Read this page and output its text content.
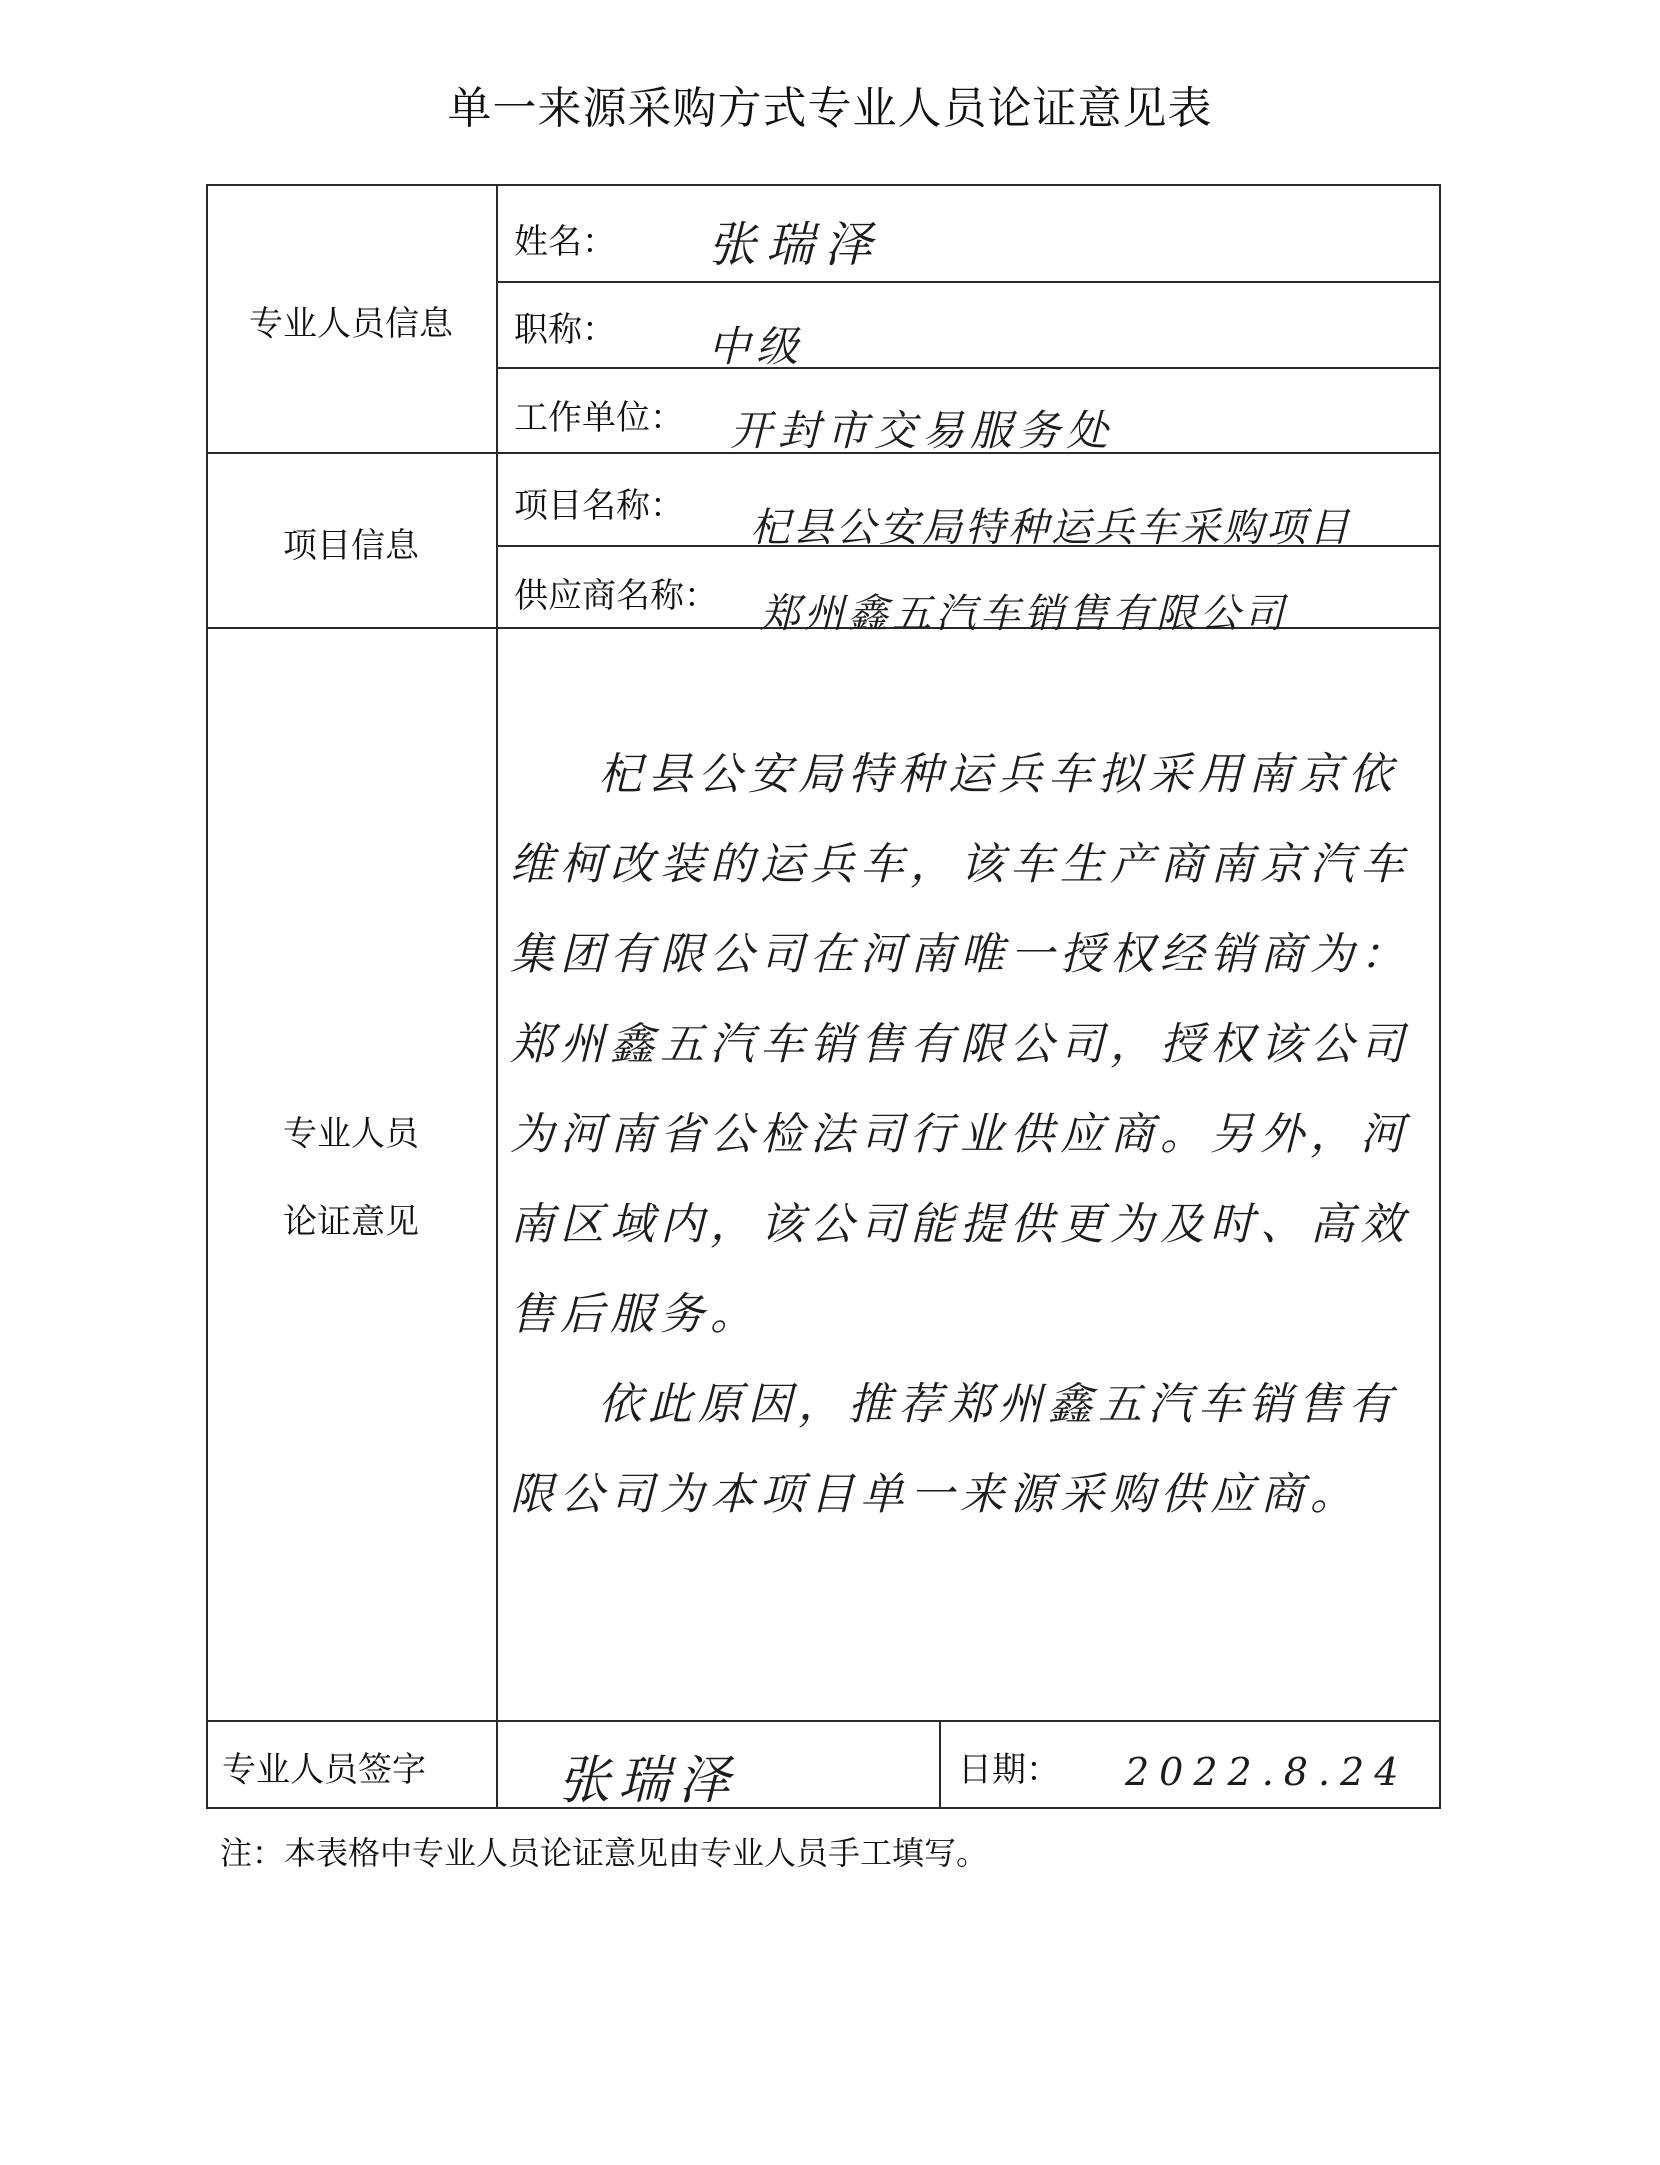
单一来源采购方式专业人员论证意见表
专业人员信息
项目信息
专业人员
论证意见
专业人员签字
姓名：
职称：
工作单位：
项目名称：
供应商名称：
日期：
张瑞泽
中级
开封市交易服务处
杞县公安局特种运兵车采购项目
郑州鑫五汽车销售有限公司
2022.8.24
张瑞泽

杞县公安局特种运兵车拟采用南京依维柯改装的运兵车，该车生产商南京汽车集团有限公司在河南唯一授权经销商为：郑州鑫五汽车销售有限公司，授权该公司为河南省公检法司行业供应商。另外，河南区域内，该公司能提供更为及时、高效售后服务。

依此原因，推荐郑州鑫五汽车销售有限公司为本项目单一来源采购供应商。

注：本表格中专业人员论证意见由专业人员手工填写。
